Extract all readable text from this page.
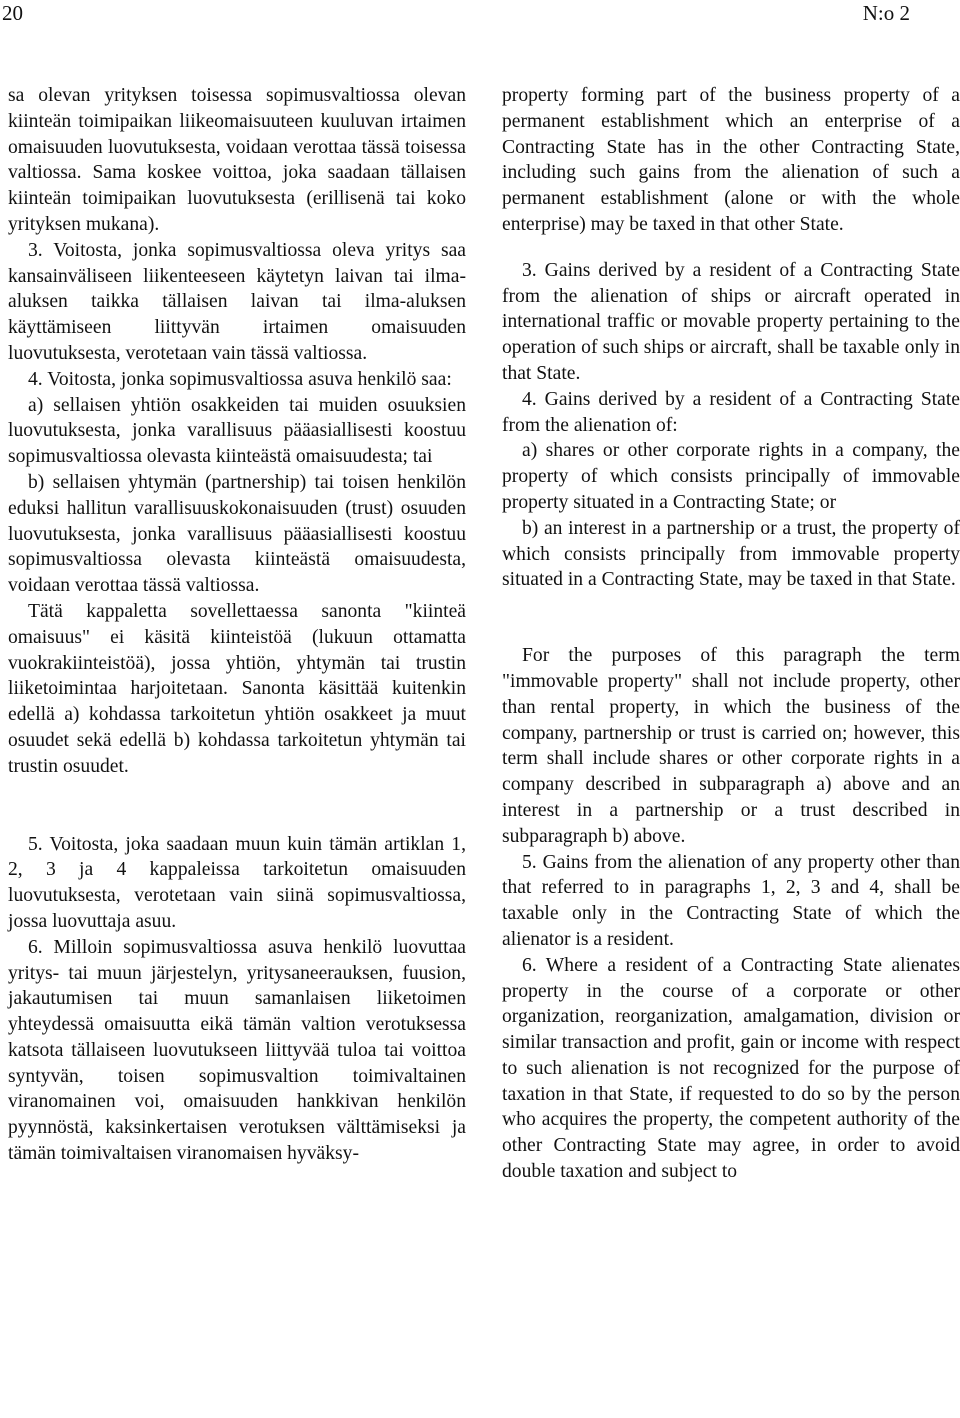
20	N:o 2

sa olevan yrityksen toisessa sopimusvaltiossa olevan kiinteän toimipaikan liikeomaisuuteen kuuluvan irtaimen omaisuuden luovutuksesta, voidaan verottaa tässä toisessa valtiossa. Sama koskee voittoa, joka saadaan tällaisen kiinteän toimipaikan luovutuksesta (erillisenä tai koko yrityksen mukana).

3. Voitosta, jonka sopimusvaltiossa oleva yritys saa kansainväliseen liikenteeseen käytetyn laivan tai ilma-aluksen taikka tällaisen laivan tai ilma-aluksen käyttämiseen liittyvän irtaimen omaisuuden luovutuksesta, verotetaan vain tässä valtiossa.

4. Voitosta, jonka sopimusvaltiossa asuva henkilö saa:

a) sellaisen yhtiön osakkeiden tai muiden osuuksien luovutuksesta, jonka varallisuus pääasiallisesti koostuu sopimusvaltiossa olevasta kiinteästä omaisuudesta; tai

b) sellaisen yhtymän (partnership) tai toisen henkilön eduksi hallitun varallisuuskokonaisuuden (trust) osuuden luovutuksesta, jonka varallisuus pääasiallisesti koostuu sopimusvaltiossa olevasta kiinteästä omaisuudesta, voidaan verottaa tässä valtiossa.

Tätä kappaletta sovellettaessa sanonta "kiinteä omaisuus" ei käsitä kiinteistöä (lukuun ottamatta vuokrakiinteistöä), jossa yhtiön, yhtymän tai trustin liiketoimintaa harjoitetaan. Sanonta käsittää kuitenkin edellä a) kohdassa tarkoitetun yhtiön osakkeet ja muut osuudet sekä edellä b) kohdassa tarkoitetun yhtymän tai trustin osuudet.

5. Voitosta, joka saadaan muun kuin tämän artiklan 1, 2, 3 ja 4 kappaleissa tarkoitetun omaisuuden luovutuksesta, verotetaan vain siinä sopimusvaltiossa, jossa luovuttaja asuu.

6. Milloin sopimusvaltiossa asuva henkilö luovuttaa yritys- tai muun järjestelyn, yritysaneerauksen, fuusion, jakautumisen tai muun samanlaisen liiketoimen yhteydessä omaisuutta eikä tämän valtion verotuksessa katsota tällaiseen luovutukseen liittyvää tuloa tai voittoa syntyvän, toisen sopimusvaltion toimivaltainen viranomainen voi, omaisuuden hankkivan henkilön pyynnöstä, kaksinkertaisen verotuksen välttämiseksi ja tämän toimivaltaisen viranomaisen hyväksy-

property forming part of the business property of a permanent establishment which an enterprise of a Contracting State has in the other Contracting State, including such gains from the alienation of such a permanent establishment (alone or with the whole enterprise) may be taxed in that other State.

3. Gains derived by a resident of a Contracting State from the alienation of ships or aircraft operated in international traffic or movable property pertaining to the operation of such ships or aircraft, shall be taxable only in that State.

4. Gains derived by a resident of a Contracting State from the alienation of:

a) shares or other corporate rights in a company, the property of which consists principally of immovable property situated in a Contracting State; or

b) an interest in a partnership or a trust, the property of which consists principally from immovable property situated in a Contracting State, may be taxed in that State.

For the purposes of this paragraph the term "immovable property" shall not include property, other than rental property, in which the business of the company, partnership or trust is carried on; however, this term shall include shares or other corporate rights in a company described in subparagraph a) above and an interest in a partnership or a trust described in subparagraph b) above.

5. Gains from the alienation of any property other than that referred to in paragraphs 1, 2, 3 and 4, shall be taxable only in the Contracting State of which the alienator is a resident.

6. Where a resident of a Contracting State alienates property in the course of a corporate or other organization, reorganization, amalgamation, division or similar transaction and profit, gain or income with respect to such alienation is not recognized for the purpose of taxation in that State, if requested to do so by the person who acquires the property, the competent authority of the other Contracting State may agree, in order to avoid double taxation and subject to
